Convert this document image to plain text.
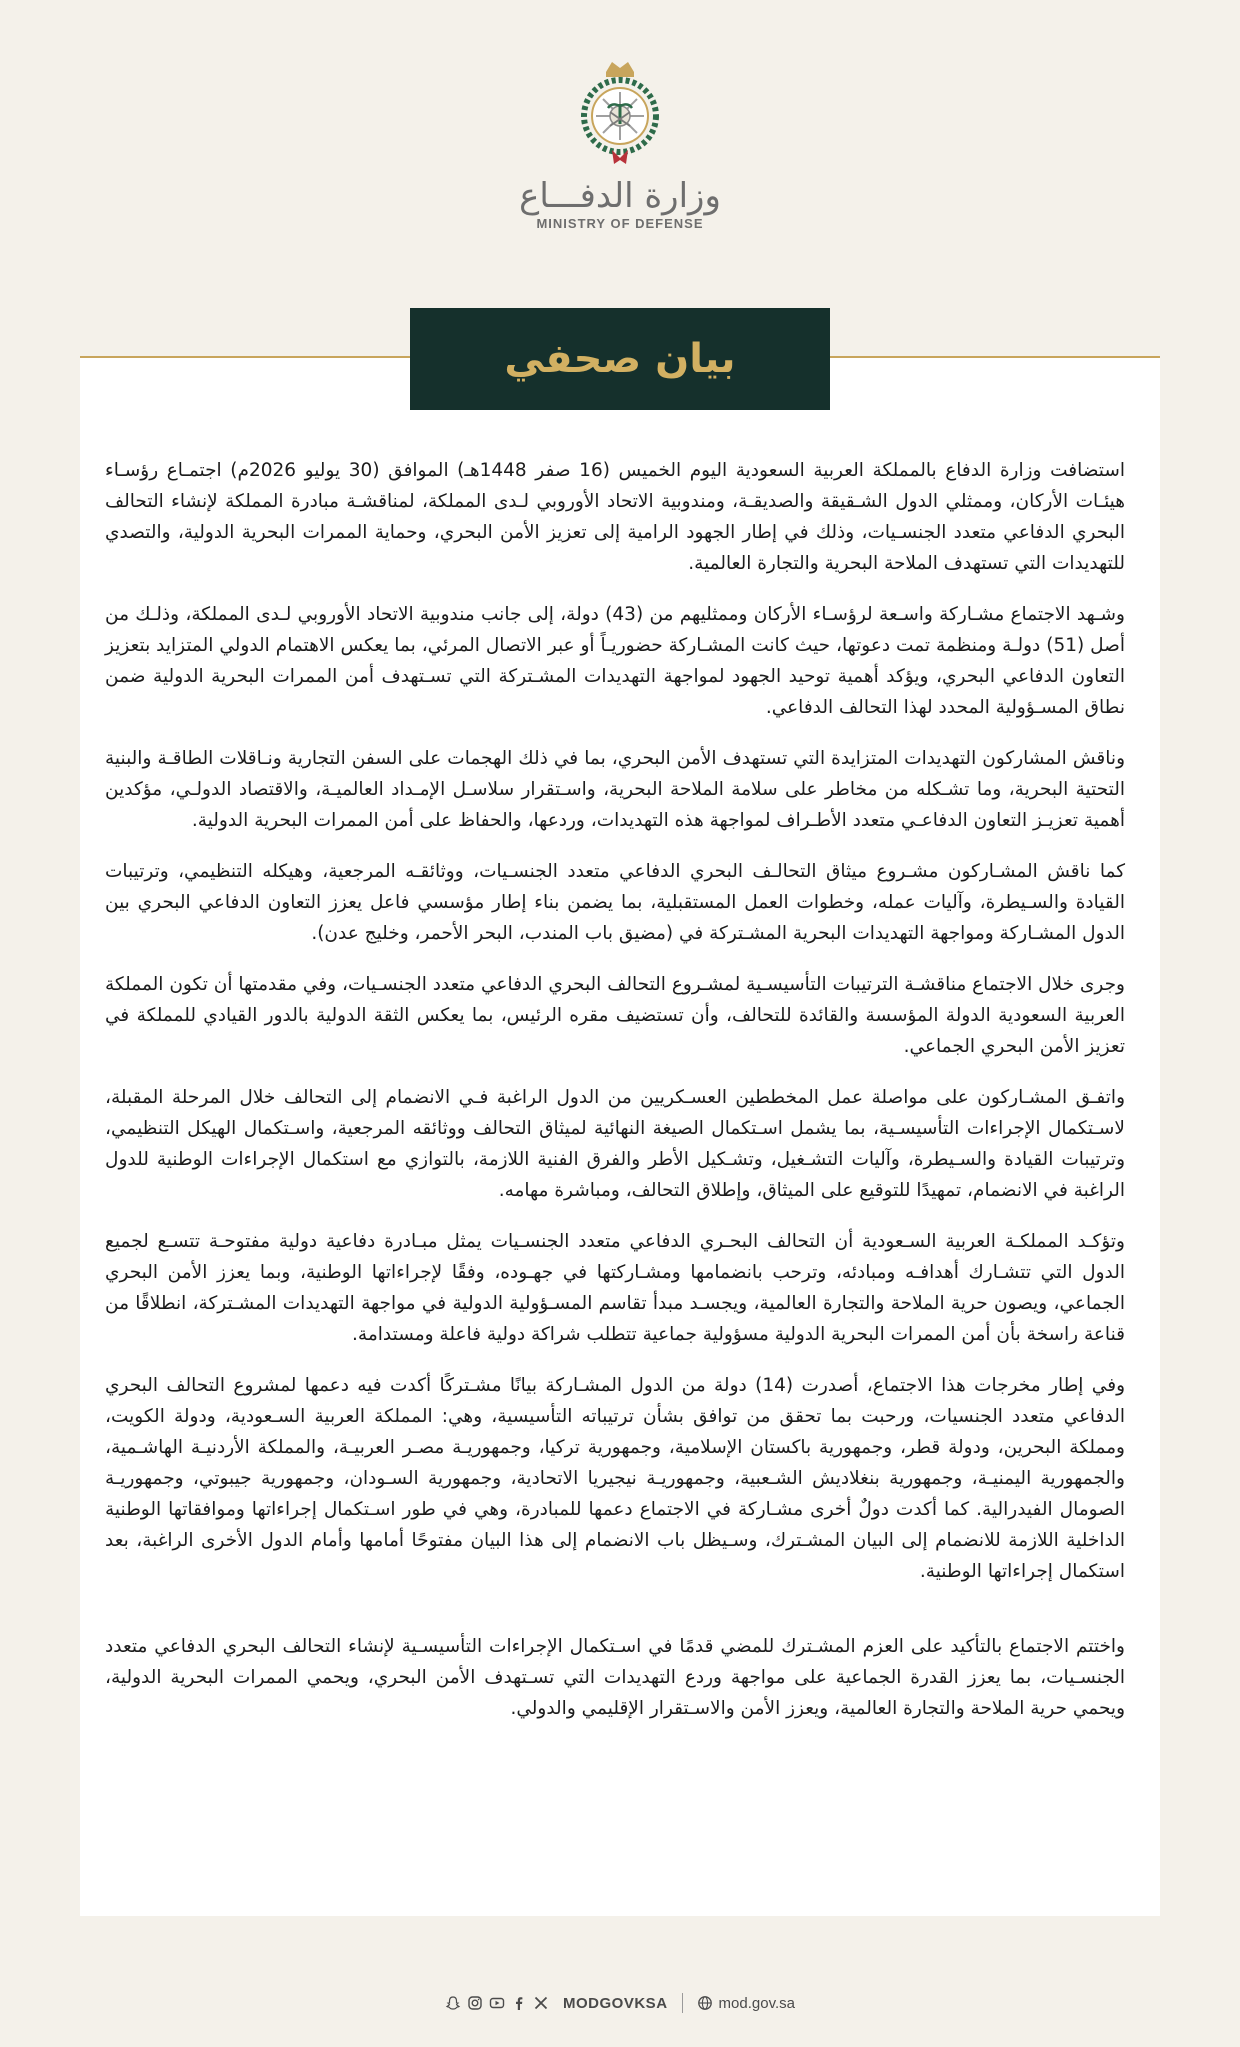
وزارة الدفـــاع
MINISTRY OF DEFENSE
بيان صحفي

استضافت وزارة الدفاع بالمملكة العربية السعودية اليوم الخميس (16 صفر 1448هـ) الموافق (30 يوليو 2026م) اجتمـاع رؤسـاء هيئـات الأركان، وممثلي الدول الشـقيقة والصديقـة، ومندوبية الاتحاد الأوروبي لـدى المملكة، لمناقشـة مبادرة المملكة لإنشاء التحالف البحري الدفاعي متعدد الجنسـيات، وذلك في إطار الجهود الرامية إلى تعزيز الأمن البحري، وحماية الممرات البحرية الدولية، والتصدي للتهديدات التي تستهدف الملاحة البحرية والتجارة العالمية.

وشـهد الاجتماع مشـاركة واسـعة لرؤسـاء الأركان وممثليهم من (43) دولة، إلى جانب مندوبية الاتحاد الأوروبي لـدى المملكة، وذلـك من أصل (51) دولـة ومنظمة تمت دعوتها، حيث كانت المشـاركة حضوريـاً أو عبر الاتصال المرئي، بما يعكس الاهتمام الدولي المتزايد بتعزيز التعاون الدفاعي البحري، ويؤكد أهمية توحيد الجهود لمواجهة التهديدات المشـتركة التي تسـتهدف أمن الممرات البحرية الدولية ضمن نطاق المسـؤولية المحدد لهذا التحالف الدفاعي.

وناقش المشاركون التهديدات المتزايدة التي تستهدف الأمن البحري، بما في ذلك الهجمات على السفن التجارية ونـاقلات الطاقـة والبنية التحتية البحرية، وما تشـكله من مخاطر على سلامة الملاحة البحرية، واسـتقرار سلاسـل الإمـداد العالميـة، والاقتصاد الدولـي، مؤكدين أهمية تعزيـز التعاون الدفاعـي متعدد الأطـراف لمواجهة هذه التهديدات، وردعها، والحفاظ على أمن الممرات البحرية الدولية.

كما ناقش المشـاركون مشـروع ميثاق التحالـف البحري الدفاعي متعدد الجنسـيات، ووثائقـه المرجعية، وهيكله التنظيمي، وترتيبات القيادة والسـيطرة، وآليات عمله، وخطوات العمل المستقبلية، بما يضمن بناء إطار مؤسسي فاعل يعزز التعاون الدفاعي البحري بين الدول المشـاركة ومواجهة التهديدات البحرية المشـتركة في (مضيق باب المندب، البحر الأحمر، وخليج عدن).

وجرى خلال الاجتماع مناقشـة الترتيبات التأسيسـية لمشـروع التحالف البحري الدفاعي متعدد الجنسـيات، وفي مقدمتها أن تكون المملكة العربية السعودية الدولة المؤسسة والقائدة للتحالف، وأن تستضيف مقره الرئيس، بما يعكس الثقة الدولية بالدور القيادي للمملكة في تعزيز الأمن البحري الجماعي.

واتفـق المشـاركون على مواصلة عمل المخططين العسـكريين من الدول الراغبة فـي الانضمام إلى التحالف خلال المرحلة المقبلة، لاسـتكمال الإجراءات التأسيسـية، بما يشمل اسـتكمال الصيغة النهائية لميثاق التحالف ووثائقه المرجعية، واسـتكمال الهيكل التنظيمي، وترتيبات القيادة والسـيطرة، وآليات التشـغيل، وتشـكيل الأطر والفرق الفنية اللازمة، بالتوازي مع استكمال الإجراءات الوطنية للدول الراغبة في الانضمام، تمهيدًا للتوقيع على الميثاق، وإطلاق التحالف، ومباشرة مهامه.

وتؤكـد المملكـة العربية السـعودية أن التحالف البحـري الدفاعي متعدد الجنسـيات يمثل مبـادرة دفاعية دولية مفتوحـة تتسـع لجميع الدول التي تتشـارك أهدافـه ومبادئه، وترحب بانضمامها ومشـاركتها في جهـوده، وفقًا لإجراءاتها الوطنية، وبما يعزز الأمن البحري الجماعي، ويصون حرية الملاحة والتجارة العالمية، ويجسـد مبدأ تقاسم المسـؤولية الدولية في مواجهة التهديدات المشـتركة، انطلاقًا من قناعة راسخة بأن أمن الممرات البحرية الدولية مسؤولية جماعية تتطلب شراكة دولية فاعلة ومستدامة.

وفي إطار مخرجات هذا الاجتماع، أصدرت (14) دولة من الدول المشـاركة بيانًا مشـتركًا أكدت فيه دعمها لمشروع التحالف البحري الدفاعي متعدد الجنسيات، ورحبت بما تحقق من توافق بشأن ترتيباته التأسيسية، وهي: المملكة العربية السـعودية، ودولة الكويت، ومملكة البحرين، ودولة قطر، وجمهورية باكستان الإسلامية، وجمهورية تركيا، وجمهوريـة مصـر العربيـة، والمملكة الأردنيـة الهاشـمية، والجمهورية اليمنيـة، وجمهورية بنغلاديش الشـعبية، وجمهوريـة نيجيريا الاتحادية، وجمهورية السـودان، وجمهورية جيبوتي، وجمهوريـة الصومال الفيدرالية. كما أكدت دولٌ أخرى مشـاركة في الاجتماع دعمها للمبادرة، وهي في طور اسـتكمال إجراءاتها وموافقاتها الوطنية الداخلية اللازمة للانضمام إلى البيان المشـترك، وسـيظل باب الانضمام إلى هذا البيان مفتوحًا أمامها وأمام الدول الأخرى الراغبة، بعد استكمال إجراءاتها الوطنية.

واختتم الاجتماع بالتأكيد على العزم المشـترك للمضي قدمًا في اسـتكمال الإجراءات التأسيسـية لإنشاء التحالف البحري الدفاعي متعدد الجنسـيات، بما يعزز القدرة الجماعية على مواجهة وردع التهديدات التي تسـتهدف الأمن البحري، ويحمي الممرات البحرية الدولية، ويحمي حرية الملاحة والتجارة العالمية، ويعزز الأمن والاسـتقرار الإقليمي والدولي.

MODGOVKSA	mod.gov.sa
